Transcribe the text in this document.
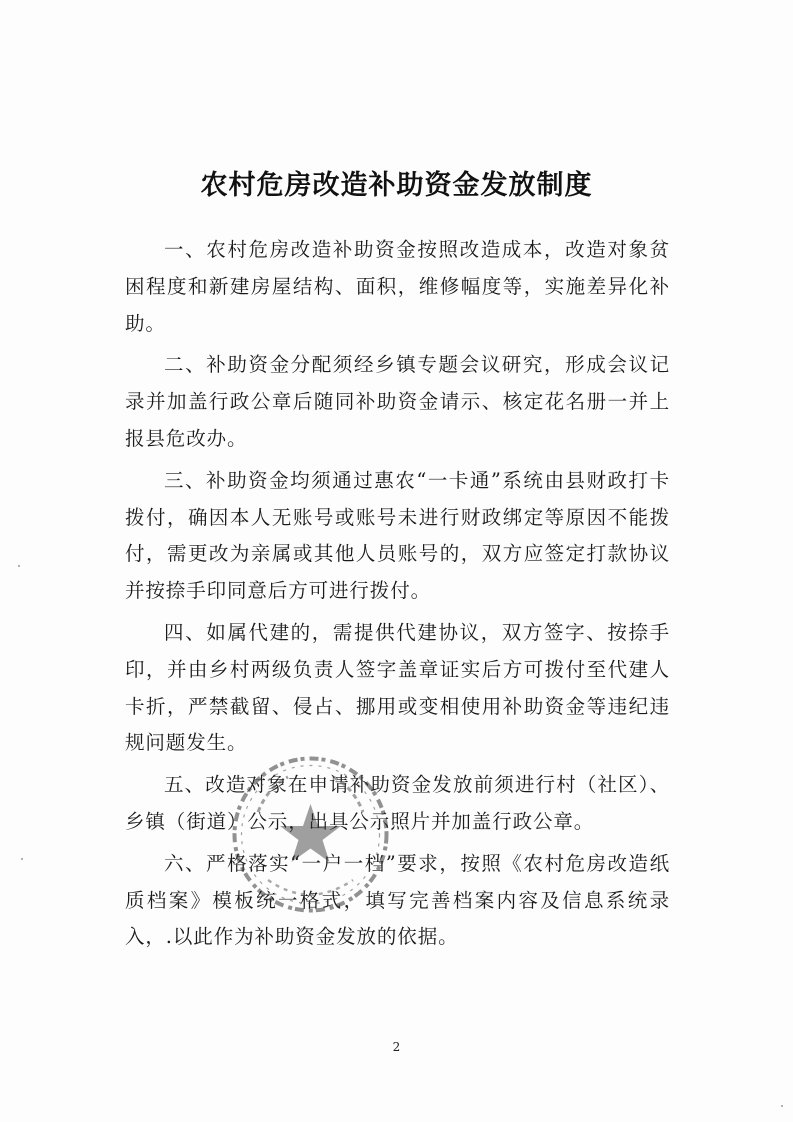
农村危房改造补助资金发放制度

一、农村危房改造补助资金按照改造成本，改造对象贫困程度和新建房屋结构、面积，维修幅度等，实施差异化补助。

二、补助资金分配须经乡镇专题会议研究，形成会议记录并加盖行政公章后随同补助资金请示、核定花名册一并上报县危改办。

三、补助资金均须通过惠农“一卡通”系统由县财政打卡拨付，确因本人无账号或账号未进行财政绑定等原因不能拨付，需更改为亲属或其他人员账号的，双方应签定打款协议并按捺手印同意后方可进行拨付。

四、如属代建的，需提供代建协议，双方签字、按捺手印，并由乡村两级负责人签字盖章证实后方可拨付至代建人卡折，严禁截留、侵占、挪用或变相使用补助资金等违纪违规问题发生。

五、改造对象在申请补助资金发放前须进行村（社区）、乡镇（街道）公示，出具公示照片并加盖行政公章。

六、严格落实“一户一档”要求，按照《农村危房改造纸质档案》模板统一格式，填写完善档案内容及信息系统录入，.以此作为补助资金发放的依据。

2
